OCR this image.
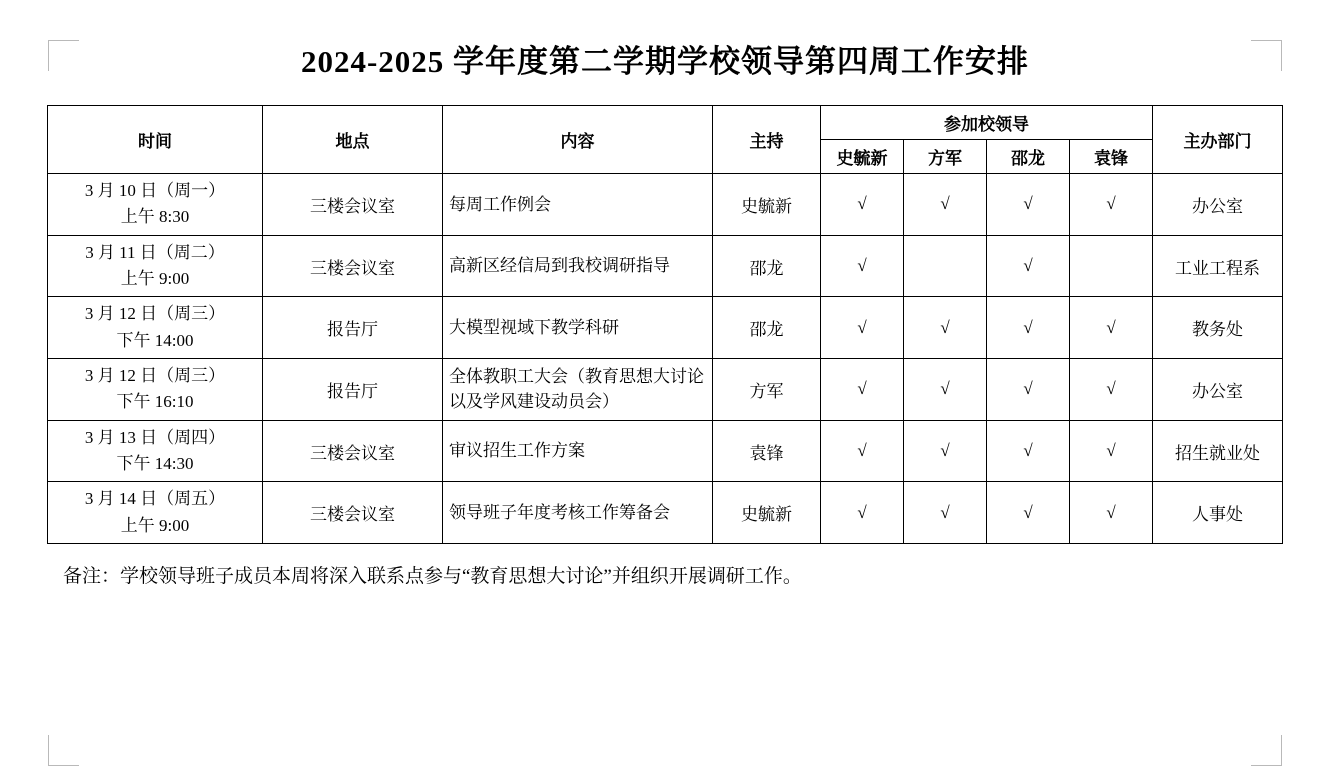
2024-2025 学年度第二学期学校领导第四周工作安排
时间	地点	内容	主持	参加校领导				主办部门
				史毓新	方军	邵龙	袁锋	

3 月 10 日（周一）
上午 8:30	三楼会议室	每周工作例会	史毓新	√	√	√	√	办公室

3 月 11 日（周二）
上午 9:00	三楼会议室	高新区经信局到我校调研指导	邵龙	√		√		工业工程系

3 月 12 日（周三）
下午 14:00	报告厅	大模型视域下教学科研	邵龙	√	√	√	√	教务处

3 月 12 日（周三）
下午 16:10	报告厅	全体教职工大会（教育思想大讨论以及学风建设动员会）	方军	√	√	√	√	办公室

3 月 13 日（周四）
下午 14:30	三楼会议室	审议招生工作方案	袁锋	√	√	√	√	招生就业处

3 月 14 日（周五）
上午 9:00	三楼会议室	领导班子年度考核工作筹备会	史毓新	√	√	√	√	人事处
备注：学校领导班子成员本周将深入联系点参与“教育思想大讨论”并组织开展调研工作。
